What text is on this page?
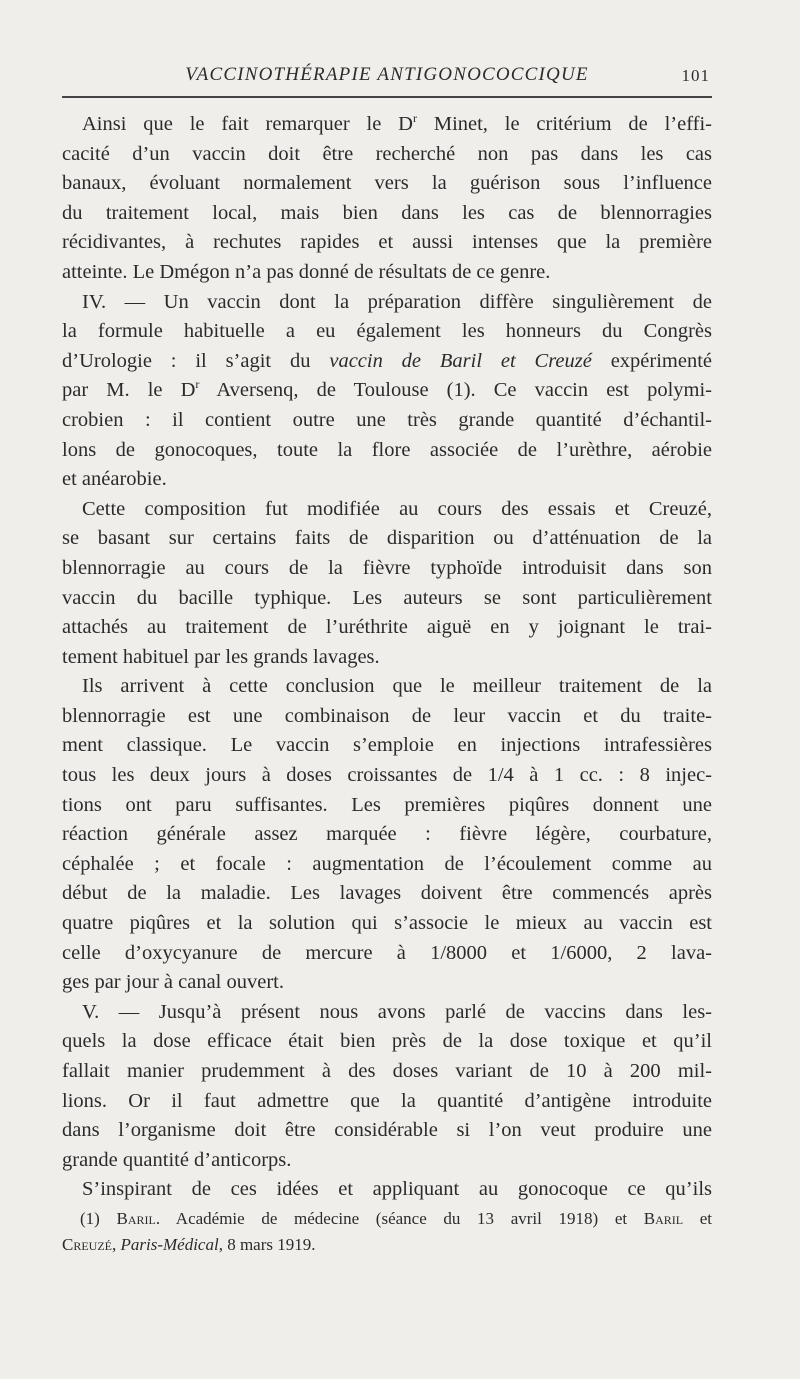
VACCINOTHÉRAPIE ANTIGONOCOCCIQUE	101
Ainsi que le fait remarquer le $D^r$ Minet, le critérium de l’effi-
cacité d’un vaccin doit être recherché non pas dans les cas
banaux, évoluant normalement vers la guérison sous l’influence
du traitement local, mais bien dans les cas de blennorragies
récidivantes, à rechutes rapides et aussi intenses que la première
atteinte. Le Dmégon n’a pas donné de résultats de ce genre.
IV. — Un vaccin dont la préparation diffère singulièrement de
la formule habituelle a eu également les honneurs du Congrès
d’Urologie : il s’agit du vaccin de Baril et Creuzé expérimenté
par M. le $D^r$ Aversenq, de Toulouse (1). Ce vaccin est polymi-
crobien : il contient outre une très grande quantité d’échantil-
lons de gonocoques, toute la flore associée de l’urèthre, aérobie
et anéarobie.
Cette composition fut modifiée au cours des essais et Creuzé,
se basant sur certains faits de disparition ou d’atténuation de la
blennorragie au cours de la fièvre typhoïde introduisit dans son
vaccin du bacille typhique. Les auteurs se sont particulièrement
attachés au traitement de l’uréthrite aiguë en y joignant le trai-
tement habituel par les grands lavages.
Ils arrivent à cette conclusion que le meilleur traitement de la
blennorragie est une combinaison de leur vaccin et du traite-
ment classique. Le vaccin s’emploie en injections intrafessières
tous les deux jours à doses croissantes de 1/4 à 1 cc. : 8 injec-
tions ont paru suffisantes. Les premières piqûres donnent une
réaction générale assez marquée : fièvre légère, courbature,
céphalée ; et focale : augmentation de l’écoulement comme au
début de la maladie. Les lavages doivent être commencés après
quatre piqûres et la solution qui s’associe le mieux au vaccin est
celle d’oxycyanure de mercure à 1/8000 et 1/6000, 2 lava-
ges par jour à canal ouvert.
V. — Jusqu’à présent nous avons parlé de vaccins dans les-
quels la dose efficace était bien près de la dose toxique et qu’il
fallait manier prudemment à des doses variant de 10 à 200 mil-
lions. Or il faut admettre que la quantité d’antigène introduite
dans l’organisme doit être considérable si l’on veut produire une
grande quantité d’anticorps.
S’inspirant de ces idées et appliquant au gonocoque ce qu’ils
(1) Baril. Académie de médecine (séance du 13 avril 1918) et Baril et
Creuzé, Paris-Médical, 8 mars 1919.
